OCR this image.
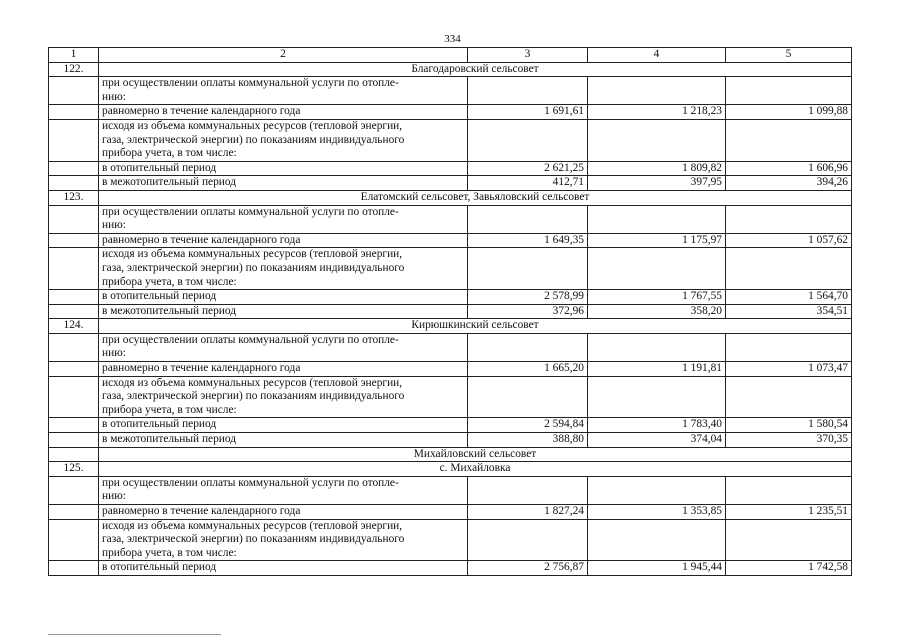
334
1	2	3	4	5
122.	Благодаровский сельсовет			

	при осуществлении оплаты коммунальной услуги по отопле-
нию:			

	равномерно в течение календарного года	1 691,61	1 218,23	1 099,88

	исходя из объема коммунальных ресурсов (тепловой энергии,
газа, электрической энергии) по показаниям индивидуального
прибора учета, в том числе:			

	в отопительный период	2 621,25	1 809,82	1 606,96
	в межотопительный период	412,71	397,95	394,26
123.	Елатомский сельсовет, Завьяловский сельсовет			

	при осуществлении оплаты коммунальной услуги по отопле-
нию:			

	равномерно в течение календарного года	1 649,35	1 175,97	1 057,62

	исходя из объема коммунальных ресурсов (тепловой энергии,
газа, электрической энергии) по показаниям индивидуального
прибора учета, в том числе:			

	в отопительный период	2 578,99	1 767,55	1 564,70
	в межотопительный период	372,96	358,20	354,51
124.	Кирюшкинский сельсовет			

	при осуществлении оплаты коммунальной услуги по отопле-
нию:			

	равномерно в течение календарного года	1 665,20	1 191,81	1 073,47

	исходя из объема коммунальных ресурсов (тепловой энергии,
газа, электрической энергии) по показаниям индивидуального
прибора учета, в том числе:			

	в отопительный период	2 594,84	1 783,40	1 580,54
	в межотопительный период	388,80	374,04	370,35
	Михайловский сельсовет			
125.	с. Михайловка			

	при осуществлении оплаты коммунальной услуги по отопле-
нию:			

	равномерно в течение календарного года	1 827,24	1 353,85	1 235,51

	исходя из объема коммунальных ресурсов (тепловой энергии,
газа, электрической энергии) по показаниям индивидуального
прибора учета, в том числе:			

	в отопительный период	2 756,87	1 945,44	1 742,58
